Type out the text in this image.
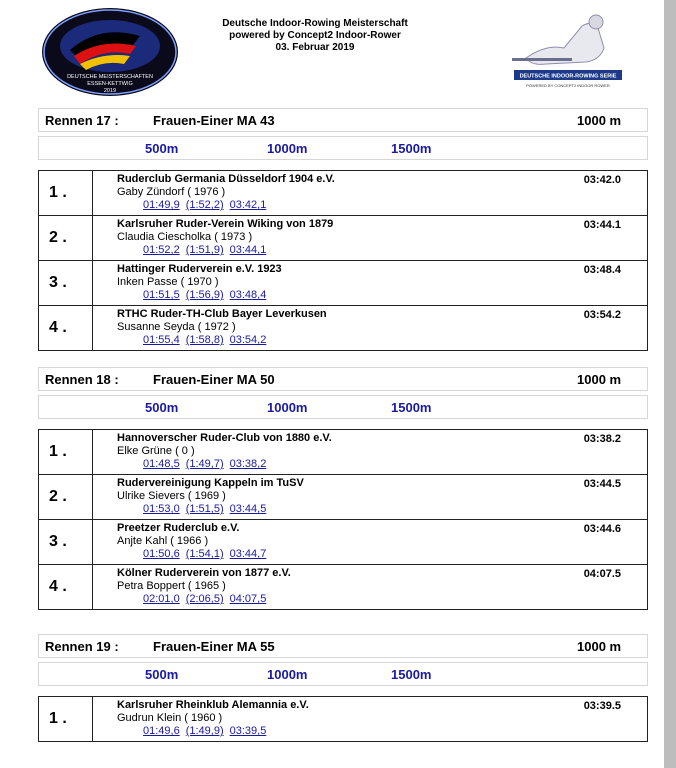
DEUTSCHE MEISTERSCHAFTEN
ESSEN-KETTWIG
2019
Deutsche Indoor-Rowing Meisterschaft
powered by Concept2 Indoor-Rower
03. Februar 2019
DEUTSCHE INDOOR-ROWING SERIE
POWERED BY CONCEPT2 INDOOR ROWER
Rennen 17 :	Frauen-Einer MA 43	1000 m
500m	1000m	1500m
1 .
Ruderclub Germania Düsseldorf 1904 e.V.
Gaby Zündorf ( 1976 )
01:49,9 (1:52,2) 03:42,1
03:42.0
2 .
Karlsruher Ruder-Verein Wiking von 1879
Claudia Ciescholka ( 1973 )
01:52,2 (1:51,9) 03:44,1
03:44.1
3 .
Hattinger Ruderverein e.V. 1923
Inken Passe ( 1970 )
01:51,5 (1:56,9) 03:48,4
03:48.4
4 .
RTHC Ruder-TH-Club Bayer Leverkusen
Susanne Seyda ( 1972 )
01:55,4 (1:58,8) 03:54,2
03:54.2
Rennen 18 :	Frauen-Einer MA 50	1000 m
500m	1000m	1500m
1 .
Hannoverscher Ruder-Club von 1880 e.V.
Elke Grüne ( 0 )
01:48,5 (1:49,7) 03:38,2
03:38.2
2 .
Rudervereinigung Kappeln im TuSV
Ulrike Sievers ( 1969 )
01:53,0 (1:51,5) 03:44,5
03:44.5
3 .
Preetzer Ruderclub e.V.
Anjte Kahl ( 1966 )
01:50,6 (1:54,1) 03:44,7
03:44.6
4 .
Kölner Ruderverein von 1877 e.V.
Petra Boppert ( 1965 )
02:01,0 (2:06,5) 04:07,5
04:07.5
Rennen 19 :	Frauen-Einer MA 55	1000 m
500m	1000m	1500m
1 .
Karlsruher Rheinklub Alemannia e.V.
Gudrun Klein ( 1960 )
01:49,6 (1:49,9) 03:39,5
03:39.5
